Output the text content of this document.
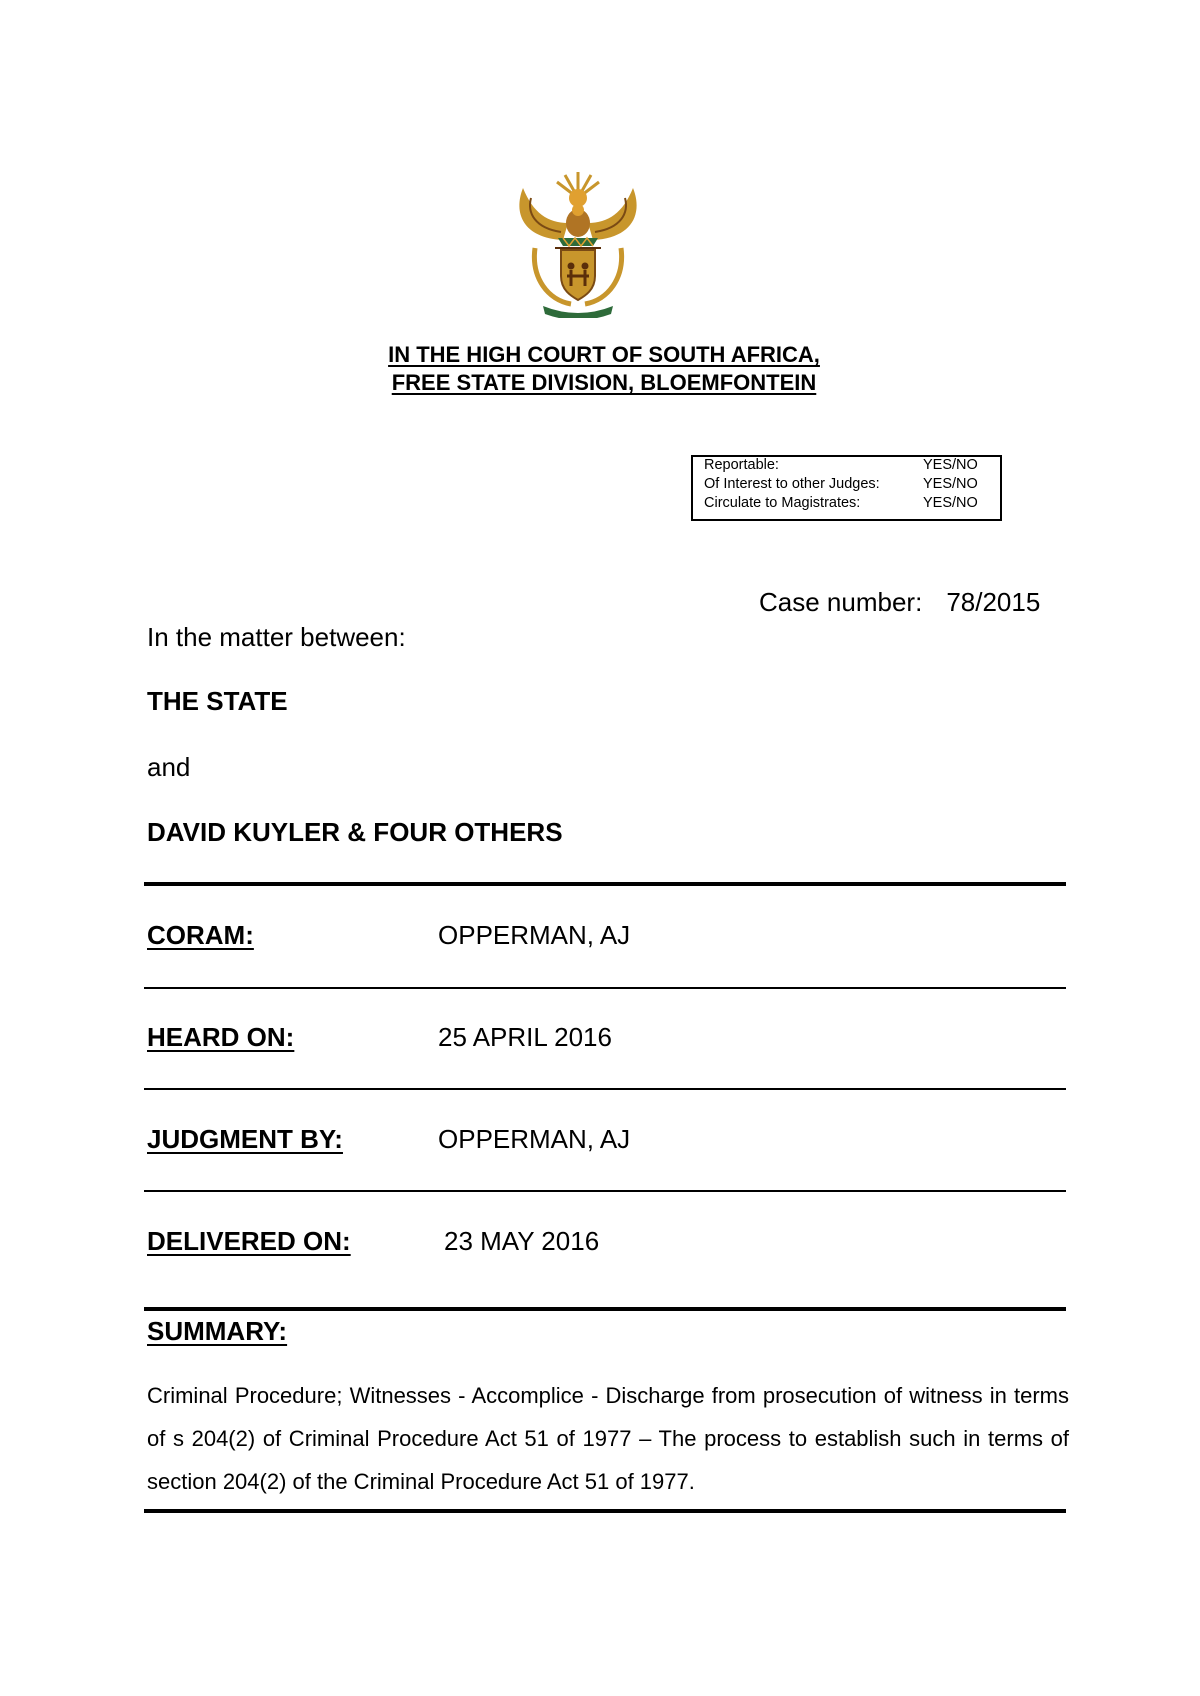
IN THE HIGH COURT OF SOUTH AFRICA,
FREE STATE DIVISION, BLOEMFONTEIN
Reportable:	YES/NO
Of Interest to other Judges:	YES/NO
Circulate to Magistrates:	YES/NO
Case number: 78/2015
In the matter between:
THE STATE
and
DAVID KUYLER & FOUR OTHERS
CORAM:	OPPERMAN, AJ
HEARD ON:	25 APRIL 2016
JUDGMENT BY:	OPPERMAN, AJ
DELIVERED ON:	23 MAY 2016
SUMMARY:
Criminal Procedure; Witnesses - Accomplice - Discharge from prosecution of witness in terms of s 204(2) of Criminal Procedure Act 51 of 1977 – The process to establish such in terms of section 204(2) of the Criminal Procedure Act 51 of 1977.
